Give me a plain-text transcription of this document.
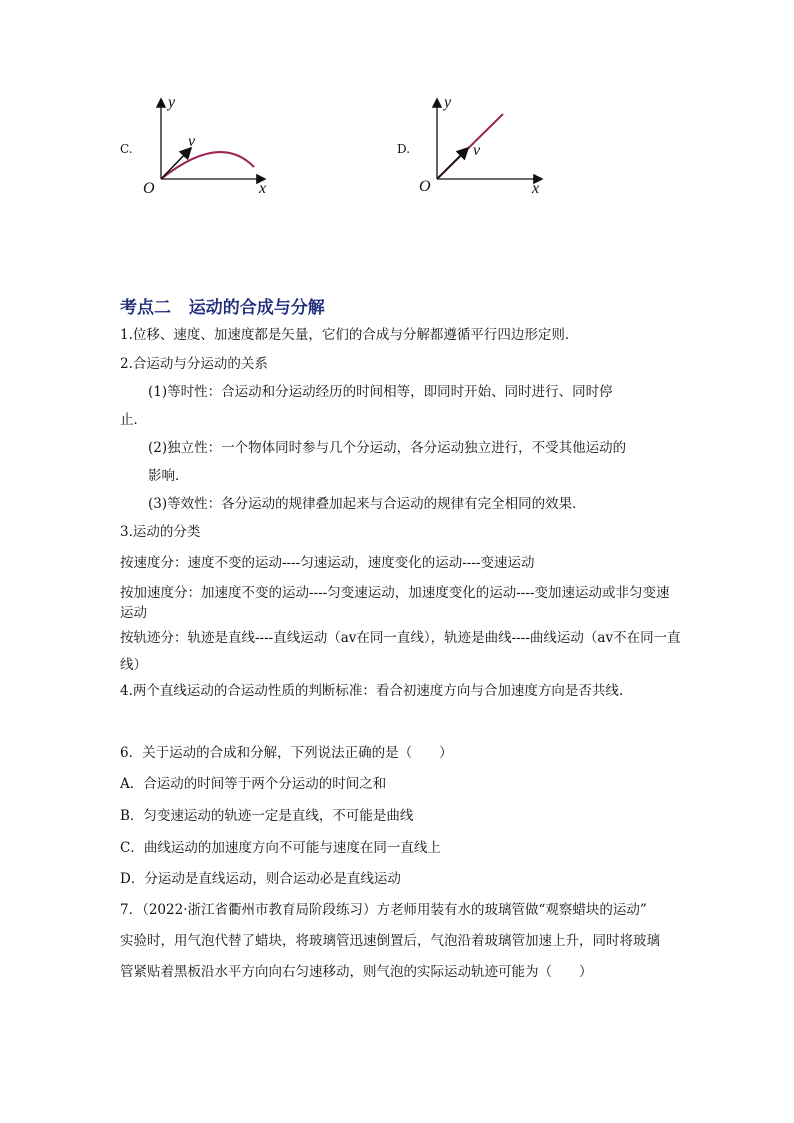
C.
y
x
O
v	D.
y
x
O
v
考点二   运动的合成与分解
1.位移、速度、加速度都是矢量，它们的合成与分解都遵循平行四边形定则．
2.合运动与分运动的关系
(1)等时性：合运动和分运动经历的时间相等，即同时开始、同时进行、同时停
止．
(2)独立性：一个物体同时参与几个分运动，各分运动独立进行，不受其他运动的
影响．
(3)等效性：各分运动的规律叠加起来与合运动的规律有完全相同的效果．
3.运动的分类
按速度分：速度不变的运动----匀速运动，速度变化的运动----变速运动
按加速度分：加速度不变的运动----匀变速运动，加速度变化的运动----变加速运动或非匀变速运动
按轨迹分：轨迹是直线----直线运动（av在同一直线），轨迹是曲线----曲线运动（av不在同一直线）
4.两个直线运动的合运动性质的判断标准：看合初速度方向与合加速度方向是否共线.
6．关于运动的合成和分解，下列说法正确的是（　　）
A．合运动的时间等于两个分运动的时间之和
B．匀变速运动的轨迹一定是直线，不可能是曲线
C．曲线运动的加速度方向不可能与速度在同一直线上
D．分运动是直线运动，则合运动必是直线运动
7．（2022·浙江省衢州市教育局阶段练习）方老师用装有水的玻璃管做“观察蜡块的运动”
实验时，用气泡代替了蜡块，将玻璃管迅速倒置后，气泡沿着玻璃管加速上升，同时将玻璃
管紧贴着黑板沿水平方向向右匀速移动，则气泡的实际运动轨迹可能为（　　）
